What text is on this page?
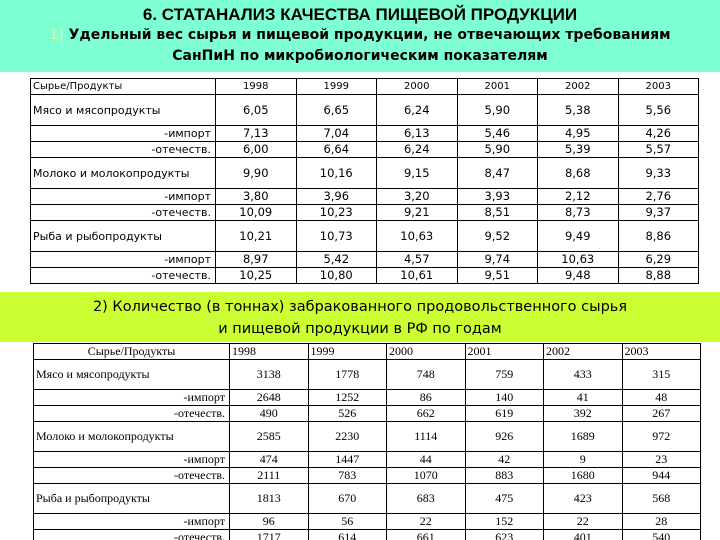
6. СТАТАНАЛИЗ КАЧЕСТВА ПИЩЕВОЙ ПРОДУКЦИИ
1) Удельный вес сырья и пищевой продукции, не отвечающих требованиям
СанПиН по микробиологическим показателям
Сырье/Продукты	1998	1999	2000	2001	2002	2003
Мясо и мясопродукты	6,05	6,65	6,24	5,90	5,38	5,56
-импорт	7,13	7,04	6,13	5,46	4,95	4,26
-отечеств.	6,00	6,64	6,24	5,90	5,39	5,57
Молоко и молокопродукты	9,90	10,16	9,15	8,47	8,68	9,33
-импорт	3,80	3,96	3,20	3,93	2,12	2,76
-отечеств.	10,09	10,23	9,21	8,51	8,73	9,37
Рыба и рыбопродукты	10,21	10,73	10,63	9,52	9,49	8,86
-импорт	8,97	5,42	4,57	9,74	10,63	6,29
-отечеств.	10,25	10,80	10,61	9,51	9,48	8,88
2) Количество (в тоннах) забракованного продовольственного сырья
и пищевой продукции в РФ по годам
Сырье/Продукты	1998	1999	2000	2001	2002	2003
Мясо и мясопродукты	3138	1778	748	759	433	315
-импорт	2648	1252	86	140	41	48
-отечеств.	490	526	662	619	392	267
Молоко и молокопродукты	2585	2230	1114	926	1689	972
-импорт	474	1447	44	42	9	23
-отечеств.	2111	783	1070	883	1680	944
Рыба и рыбопродукты	1813	670	683	475	423	568
-импорт	96	56	22	152	22	28
-отечеств.	1717	614	661	623	401	540
